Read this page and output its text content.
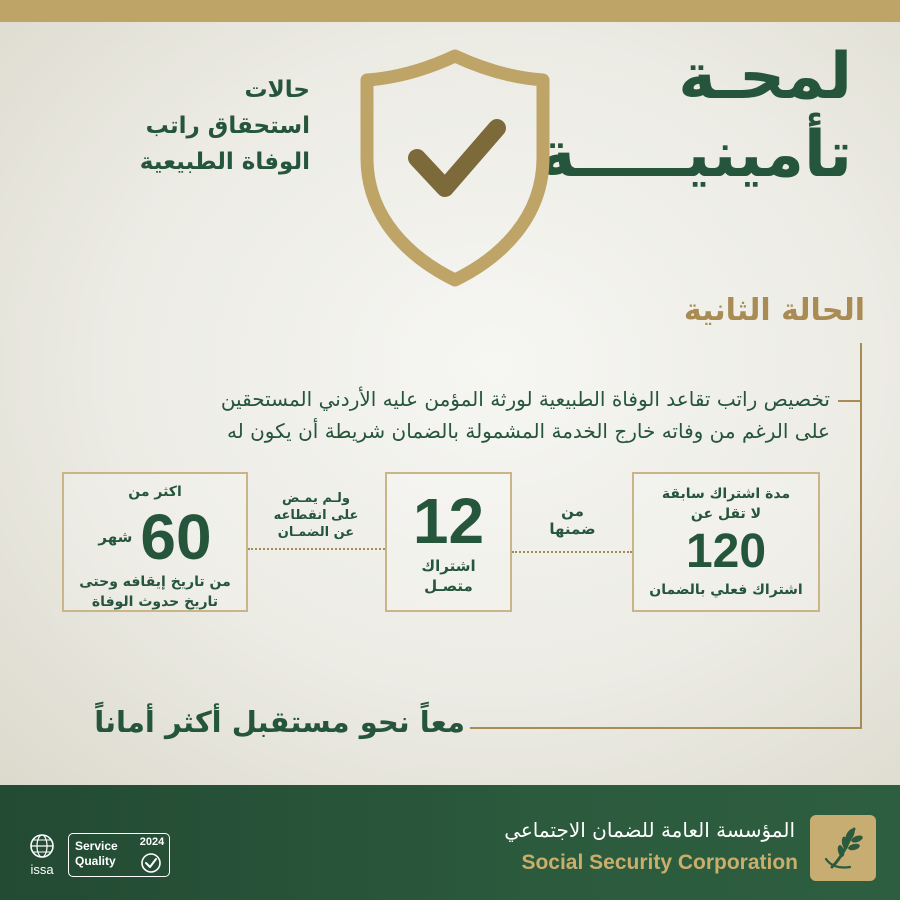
لمحـة
تأمينيـــــة
حالات
استحقاق راتب
الوفاة الطبيعية
الحالة الثانية
تخصيص راتب تقاعد الوفاة الطبيعية لورثة المؤمن عليه الأردني المستحقين
على الرغم من وفاته خارج الخدمة المشمولة بالضمان شريطة أن يكون له
مدة اشتراك سابقة
لا تقل عن
120
اشتراك فعلي بالضمان
من
ضمنها
12
اشتراك
متصـل
ولـم يمـض
على انقطاعه
عن الضمـان
اكثر من
60
شهر
من تاريخ إيقافه وحتى
تاريخ حدوث الوفاة
معاً نحو مستقبل أكثر أماناً
issa
Service
Quality
2024	المؤسسة العامة للضمان الاجتماعي
Social Security Corporation
